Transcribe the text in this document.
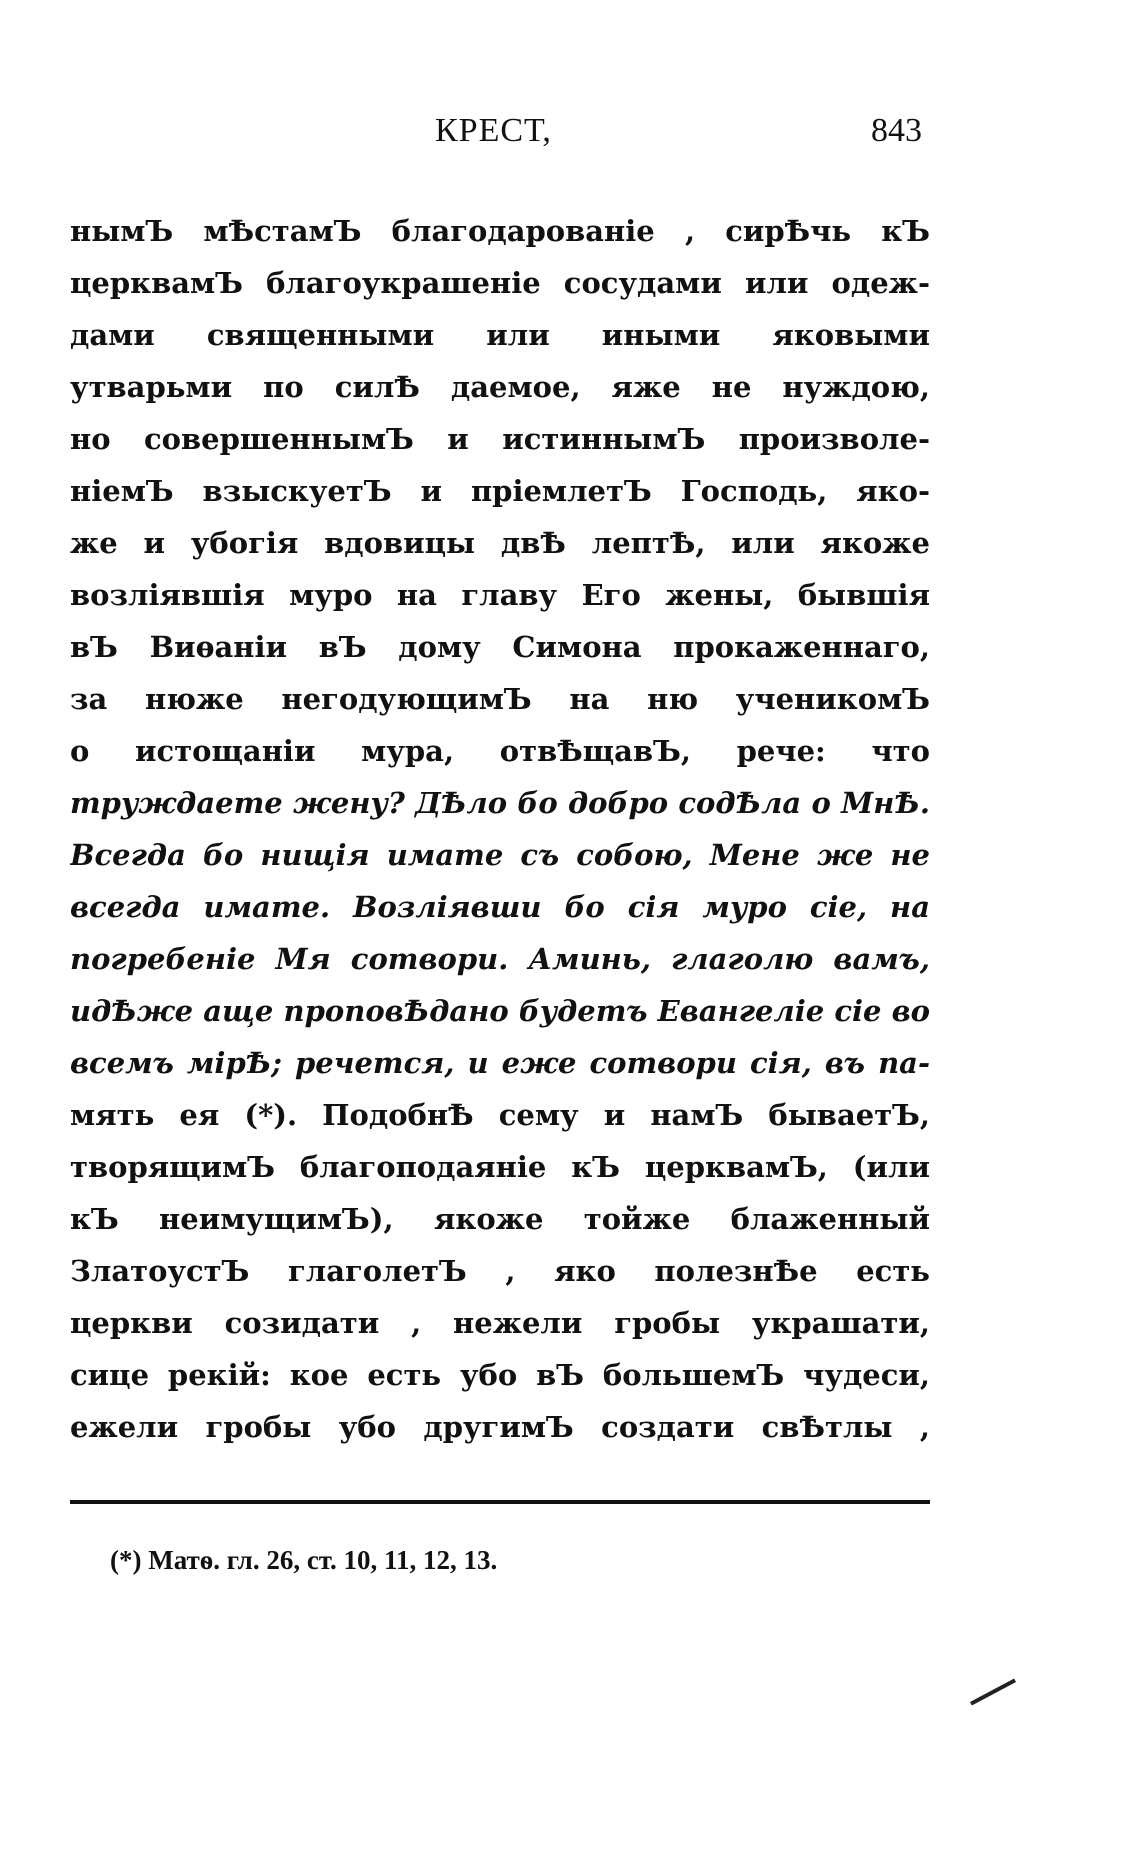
КРЕСТ,	843
нымЪ мѢстамЪ благодарованіе , сирѢчь кЪ
церквамЪ благоукрашеніе сосудами или одеж-
дами священными или иными яковыми
утварьми по силѢ даемое, яже не нуждою,
но совершеннымЪ и истиннымЪ произволе-
ніемЪ взыскуетЪ и пріемлетЪ Господь, яко-
же и убогія вдовицы двѢ лептѢ, или якоже
возліявшія муро на главу Его жены, бывшія
вЪ Виѳаніи вЪ дому Симона прокаженнаго,
за нюже негодующимЪ на ню ученикомЪ
о истощаніи мура, отвѢщавЪ, рече: что
труждаете жену? ДѢло бо добро содѢла о МнѢ.
Всегда бо нищія имате съ собою, Мене же не
всегда имате. Возліявши бо сія муро сіе, на
погребеніе Мя сотвори. Аминь, глаголю вамъ,
идѢже аще проповѢдано будетъ Евангеліе сіе во
всемъ мірѢ; речется, и еже сотвори сія, въ па-
мять ея (*). ПодобнѢ сему и намЪ бываетЪ,
творящимЪ благоподаяніе кЪ церквамЪ, (или
кЪ неимущимЪ), якоже тойже блаженный
ЗлатоустЪ глаголетЪ , яко полезнѢе есть
церкви созидати , нежели гробы украшати,
сице рекій: кое есть убо вЪ большемЪ чудеси,
ежели гробы убо другимЪ создати свѢтлы ,
(*) Матѳ. гл. 26, ст. 10, 11, 12, 13.
